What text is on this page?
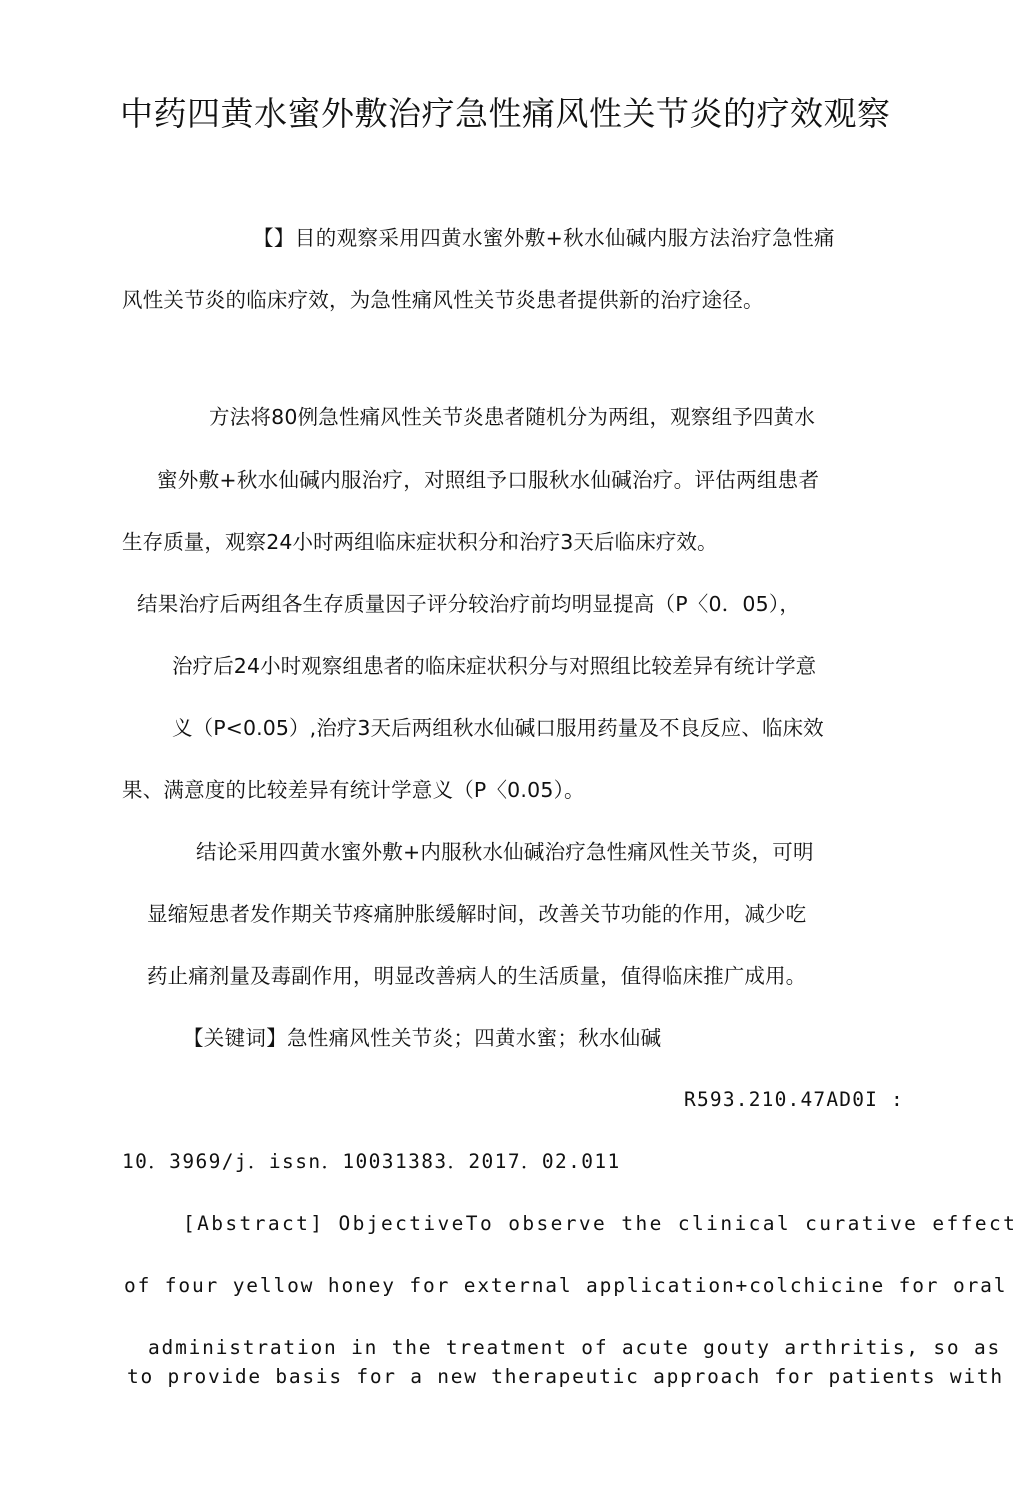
中药四黄水蜜外敷治疗急性痛风性关节炎的疗效观察
【】目的观察采用四黄水蜜外敷+秋水仙碱内服方法治疗急性痛
风性关节炎的临床疗效，为急性痛风性关节炎患者提供新的治疗途径。
方法将80例急性痛风性关节炎患者随机分为两组，观察组予四黄水
蜜外敷+秋水仙碱内服治疗，对照组予口服秋水仙碱治疗。评估两组患者
生存质量，观察24小时两组临床症状积分和治疗3天后临床疗效。
结果治疗后两组各生存质量因子评分较治疗前均明显提高（P〈0．05），
治疗后24小时观察组患者的临床症状积分与对照组比较差异有统计学意
义（P<0.05）,治疗3天后两组秋水仙碱口服用药量及不良反应、临床效
果、满意度的比较差异有统计学意义（P〈0.05）。
结论采用四黄水蜜外敷+内服秋水仙碱治疗急性痛风性关节炎，可明
显缩短患者发作期关节疼痛肿胀缓解时间，改善关节功能的作用，减少吃
药止痛剂量及毒副作用，明显改善病人的生活质量，值得临床推广成用。
【关键词】急性痛风性关节炎；四黄水蜜；秋水仙碱
R593.210.47AD0I :
10．3969/j．issn．10031383．2017．02.011
[Abstract] ObjectiveTo observe the clinical curative effect
of four yellow honey for external application+colchicine for oral
administration in the treatment of acute gouty arthritis, so as
to provide basis for a new therapeutic approach for patients with
